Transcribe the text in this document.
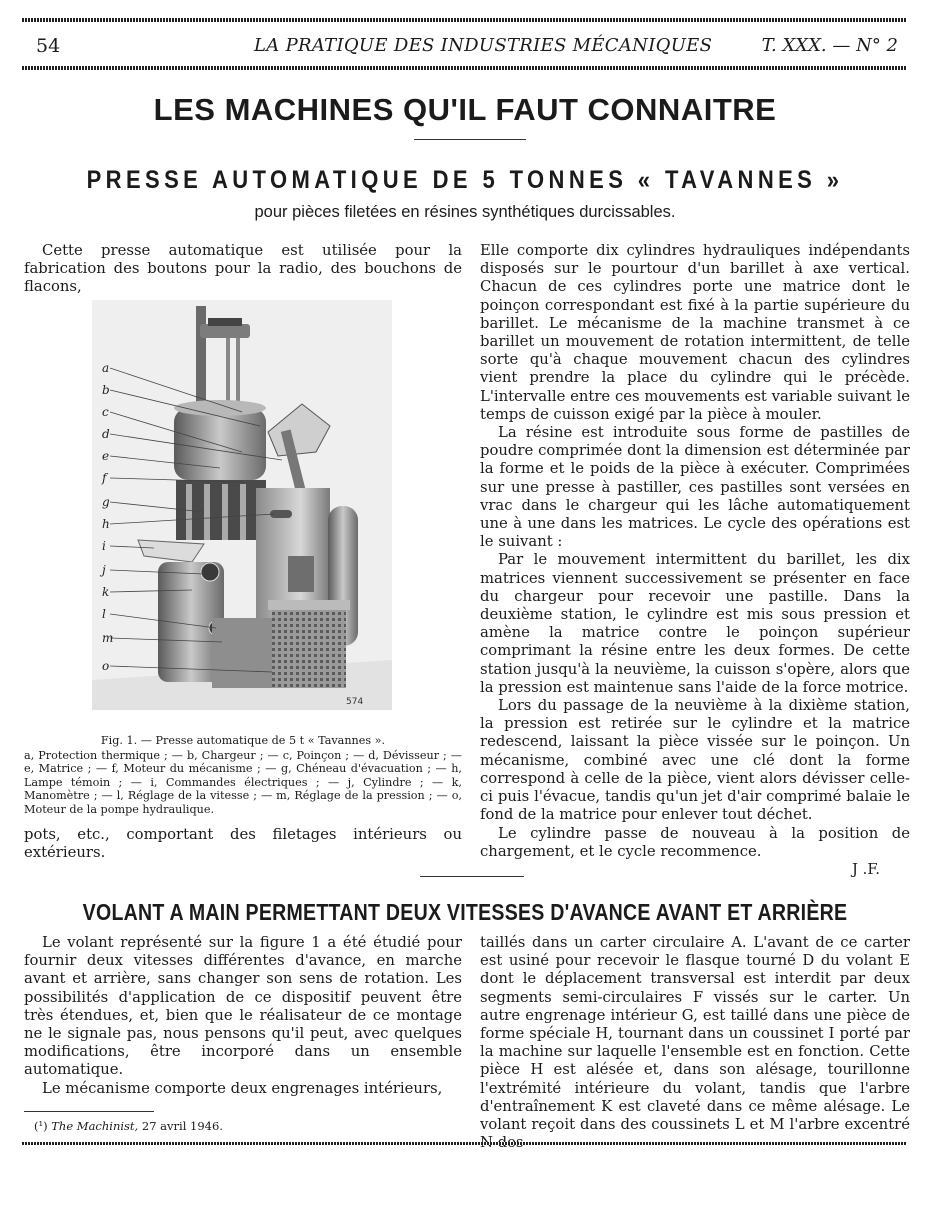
54	LA PRATIQUE DES INDUSTRIES MÉCANIQUES	T. XXX. — N° 2
LES MACHINES QU'IL FAUT CONNAITRE
PRESSE AUTOMATIQUE DE 5 TONNES « TAVANNES »
pour pièces filetées en résines synthétiques durcissables.

Cette presse automatique est utilisée pour la fabrication des boutons pour la radio, des bouchons de flacons,

a
b
c
d
e
f
g
h
i
j
k
l
m
o
574
Fig. 1. — Presse automatique de 5 t « Tavannes ».
a, Protection thermique ; — b, Chargeur ; — c, Poinçon ; — d, Dévisseur ; — e, Matrice ; — f, Moteur du mécanisme ; — g, Chéneau d'évacuation ; — h, Lampe témoin ; — i, Commandes électriques ; — j, Cylindre ; — k, Manomètre ; — l, Réglage de la vitesse ; — m, Réglage de la pression ; — o, Moteur de la pompe hydraulique.

pots, etc., comportant des filetages intérieurs ou extérieurs.

Elle comporte dix cylindres hydrauliques indépendants disposés sur le pourtour d'un barillet à axe vertical. Chacun de ces cylindres porte une matrice dont le poinçon correspondant est fixé à la partie supérieure du barillet. Le mécanisme de la machine transmet à ce barillet un mouvement de rotation intermittent, de telle sorte qu'à chaque mouvement chacun des cylindres vient prendre la place du cylindre qui le précède. L'intervalle entre ces mouvements est variable suivant le temps de cuisson exigé par la pièce à mouler.

La résine est introduite sous forme de pastilles de poudre comprimée dont la dimension est déterminée par la forme et le poids de la pièce à exécuter. Comprimées sur une presse à pastiller, ces pastilles sont versées en vrac dans le chargeur qui les lâche automatiquement une à une dans les matrices. Le cycle des opérations est le suivant :

Par le mouvement intermittent du barillet, les dix matrices viennent successivement se présenter en face du chargeur pour recevoir une pastille. Dans la deuxième station, le cylindre est mis sous pression et amène la matrice contre le poinçon supérieur comprimant la résine entre les deux formes. De cette station jusqu'à la neuvième, la cuisson s'opère, alors que la pression est maintenue sans l'aide de la force motrice.

Lors du passage de la neuvième à la dixième station, la pression est retirée sur le cylindre et la matrice redescend, laissant la pièce vissée sur le poinçon. Un mécanisme, combiné avec une clé dont la forme correspond à celle de la pièce, vient alors dévisser celle-ci puis l'évacue, tandis qu'un jet d'air comprimé balaie le fond de la matrice pour enlever tout déchet.

Le cylindre passe de nouveau à la position de chargement, et le cycle recommence.

J .F.
VOLANT A MAIN PERMETTANT DEUX VITESSES D'AVANCE AVANT ET ARRIÈRE

Le volant représenté sur la figure 1 a été étudié pour fournir deux vitesses différentes d'avance, en marche avant et arrière, sans changer son sens de rotation. Les possibilités d'application de ce dispositif peuvent être très étendues, et, bien que le réalisateur de ce montage ne le signale pas, nous pensons qu'il peut, avec quelques modifications, être incorporé dans un ensemble automatique.

Le mécanisme comporte deux engrenages intérieurs,

taillés dans un carter circulaire A. L'avant de ce carter est usiné pour recevoir le flasque tourné D du volant E dont le déplacement transversal est interdit par deux segments semi-circulaires F vissés sur le carter. Un autre engrenage intérieur G, est taillé dans une pièce de forme spéciale H, tournant dans un coussinet I porté par la machine sur laquelle l'ensemble est en fonction. Cette pièce H est alésée et, dans son alésage, tourillonne l'extrémité intérieure du volant, tandis que l'arbre d'entraînement K est claveté dans ce même alésage. Le volant reçoit dans des coussinets L et M l'arbre excentré

(¹) The Machinist, 27 avril 1946.
